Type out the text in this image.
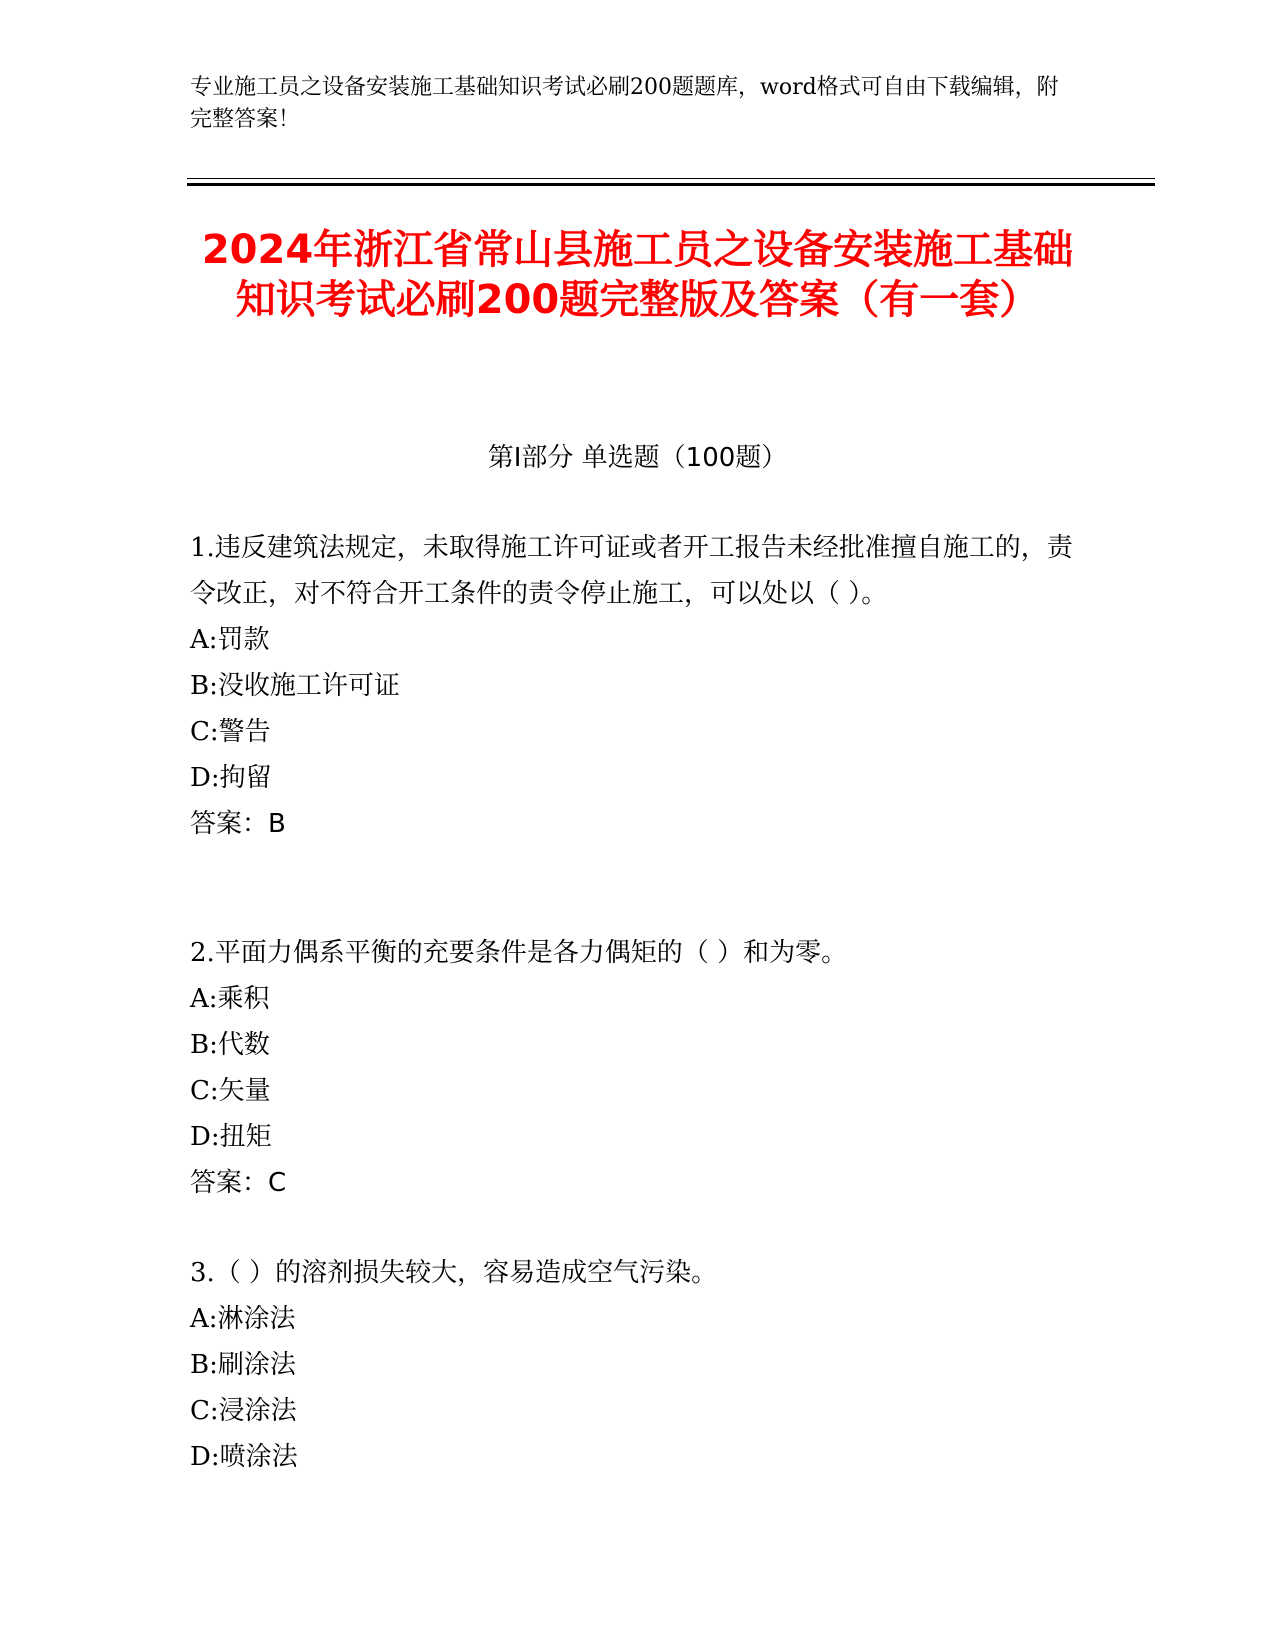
专业施工员之设备安装施工基础知识考试必刷200题题库，word格式可自由下载编辑，附完整答案！
2024年浙江省常山县施工员之设备安装施工基础知识考试必刷200题完整版及答案（有一套）
第Ⅰ部分 单选题（100题）

1.违反建筑法规定，未取得施工许可证或者开工报告未经批准擅自施工的，责令改正，对不符合开工条件的责令停止施工，可以处以（ ）。

A:罚款

B:没收施工许可证

C:警告

D:拘留

答案：B

2.平面力偶系平衡的充要条件是各力偶矩的（ ）和为零。

A:乘积

B:代数

C:矢量

D:扭矩

答案：C

3.（ ）的溶剂损失较大，容易造成空气污染。

A:淋涂法

B:刷涂法

C:浸涂法

D:喷涂法
